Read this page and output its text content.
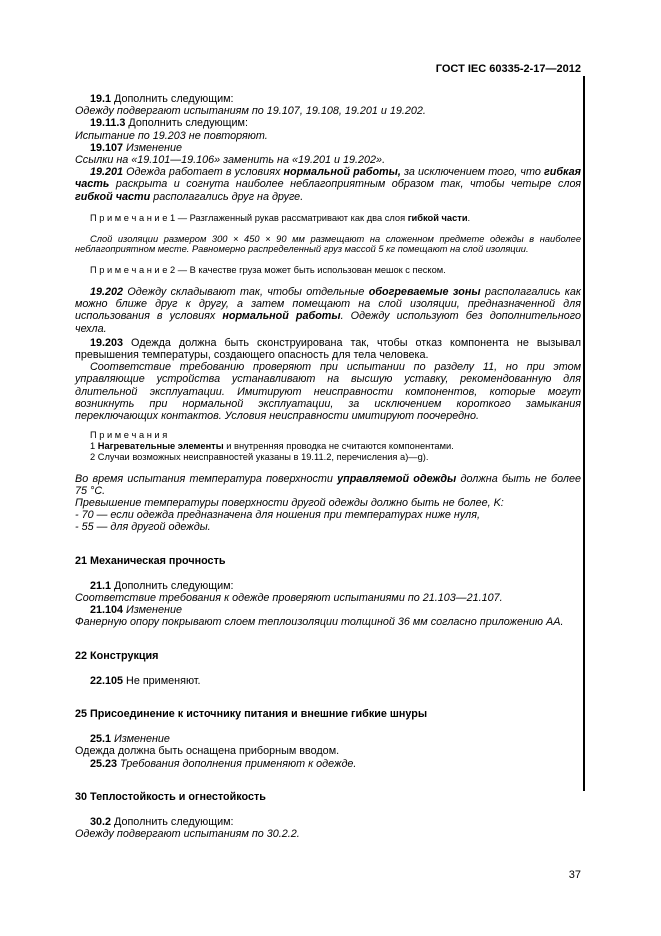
ГОСТ IEC 60335-2-17—2012

19.1 Дополнить следующим:

Одежду подвергают испытаниям по 19.107, 19.108, 19.201 и 19.202.

19.11.3 Дополнить следующим:

Испытание по 19.203 не повторяют.

19.107 Изменение

Ссылки на «19.101—19.106» заменить на «19.201 и 19.202».

19.201 Одежда работает в условиях нормальной работы, за исключением того, что гибкая часть раскрыта и согнута наиболее неблагоприятным образом так, чтобы четыре слоя гибкой части располагались друг на друге.

П р и м е ч а н и е 1 — Разглаженный рукав рассматривают как два слоя гибкой части.

Слой изоляции размером 300 × 450 × 90 мм размещают на сложенном предмете одежды в наиболее неблагоприятном месте. Равномерно распределенный груз массой 5 кг помещают на слой изоляции.

П р и м е ч а н и е 2 — В качестве груза может быть использован мешок с песком.

19.202 Одежду складывают так, чтобы отдельные обогреваемые зоны располагались как можно ближе друг к другу, а затем помещают на слой изоляции, предназначенной для использования в условиях нормальной работы. Одежду используют без дополнительного чехла.

19.203 Одежда должна быть сконструирована так, чтобы отказ компонента не вызывал превышения температуры, создающего опасность для тела человека.

Соответствие требованию проверяют при испытании по разделу 11, но при этом управляющие устройства устанавливают на высшую уставку, рекомендованную для длительной эксплуатации. Имитируют неисправности компонентов, которые могут возникнуть при нормальной эксплуатации, за исключением короткого замыкания переключающих контактов. Условия неисправности имитируют поочередно.

П р и м е ч а н и я

1 Нагревательные элементы и внутренняя проводка не считаются компонентами.

2 Случаи возможных неисправностей указаны в 19.11.2, перечисления a)—g).

Во время испытания температура поверхности управляемой одежды должна быть не более 75 °C.

Превышение температуры поверхности другой одежды должно быть не более, K:

- 70 — если одежда предназначена для ношения при температурах ниже нуля,

- 55 — для другой одежды.

21 Механическая прочность

21.1 Дополнить следующим:

Соответствие требования к одежде проверяют испытаниями по 21.103—21.107.

21.104 Изменение

Фанерную опору покрывают слоем теплоизоляции толщиной 36 мм согласно приложению АА.

22 Конструкция

22.105 Не применяют.

25 Присоединение к источнику питания и внешние гибкие шнуры

25.1 Изменение

Одежда должна быть оснащена приборным вводом.

25.23 Требования дополнения применяют к одежде.

30 Теплостойкость и огнестойкость

30.2 Дополнить следующим:

Одежду подвергают испытаниям по 30.2.2.

37
